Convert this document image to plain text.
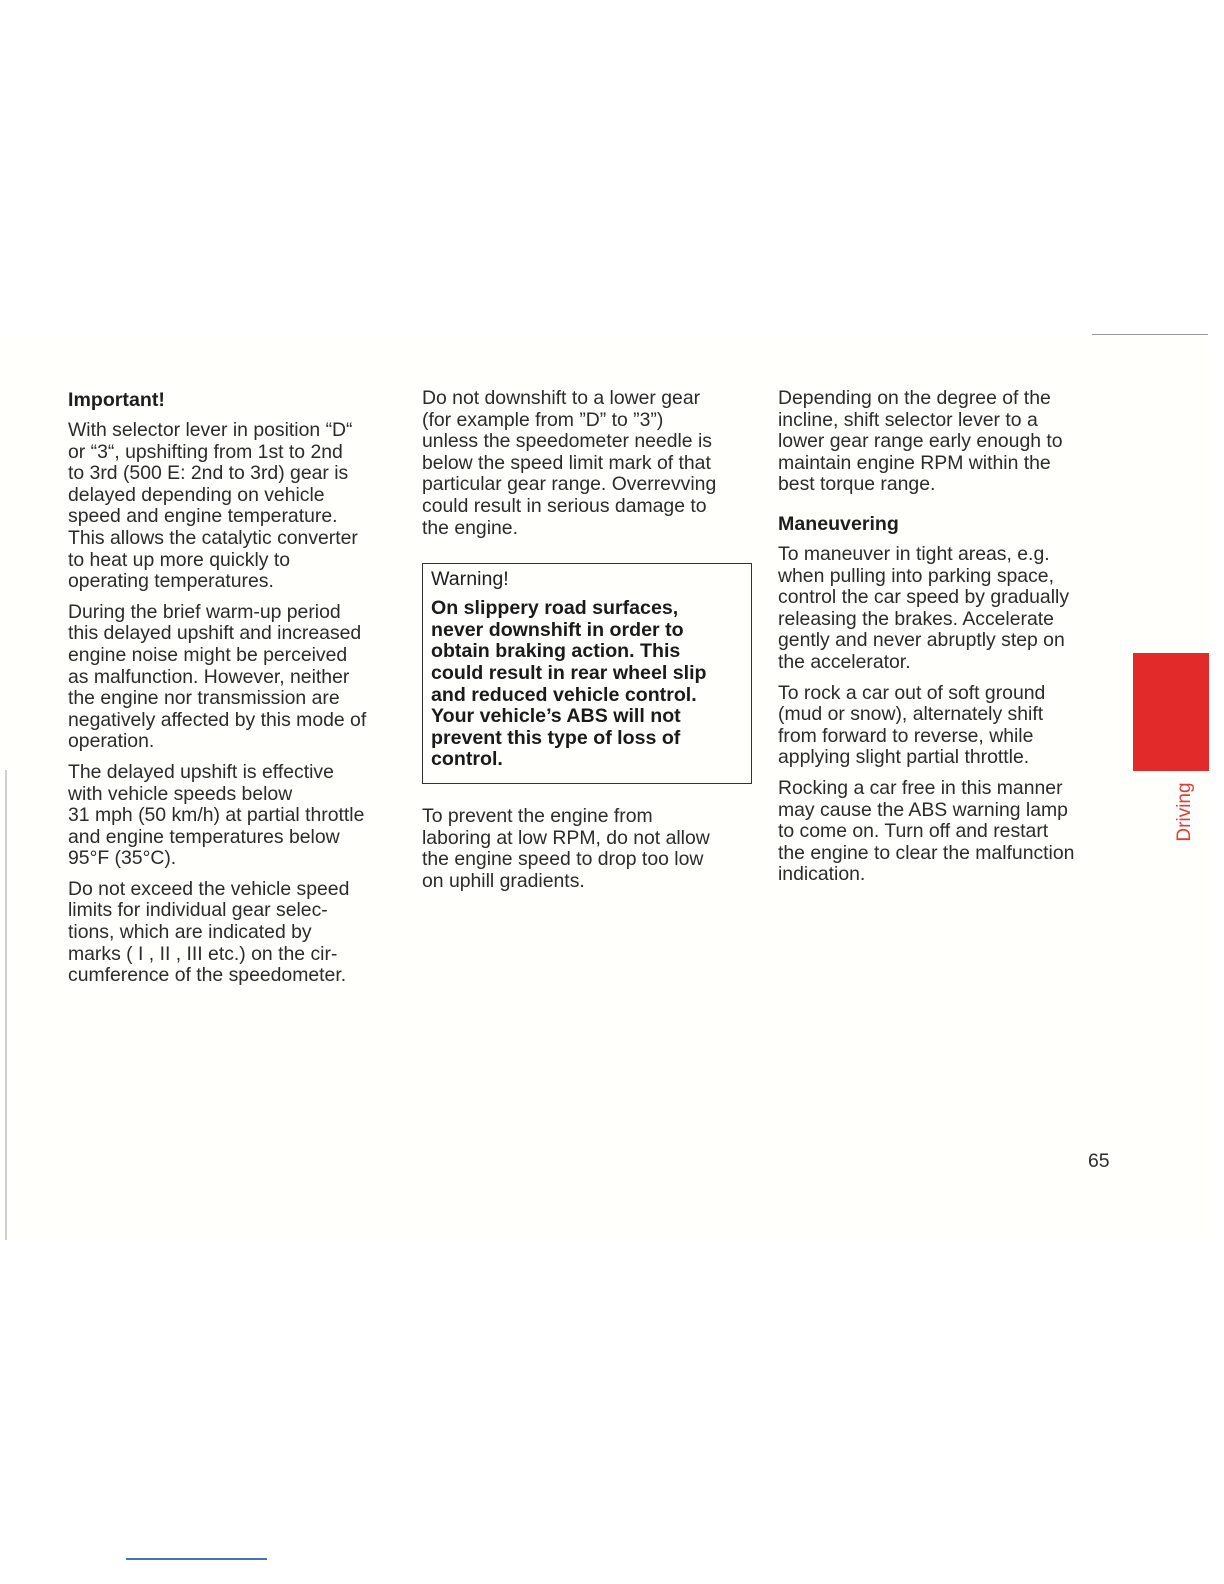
Important!

With selector lever in position “D“
or “3“, upshifting from 1st to 2nd
to 3rd (500 E: 2nd to 3rd) gear is
delayed depending on vehicle
speed and engine temperature.
This allows the catalytic converter
to heat up more quickly to
operating temperatures.

During the brief warm-up period
this delayed upshift and increased
engine noise might be perceived
as malfunction. However, neither
the engine nor transmission are
negatively affected by this mode of
operation.

The delayed upshift is effective
with vehicle speeds below
31 mph (50 km/h) at partial throttle
and engine temperatures below
95°F (35°C).

Do not exceed the vehicle speed
limits for individual gear selec-
tions, which are indicated by
marks ( I , II , III etc.) on the cir-
cumference of the speedometer.

Do not downshift to a lower gear
(for example from ”D” to ”3”)
unless the speedometer needle is
below the speed limit mark of that
particular gear range. Overrevving
could result in serious damage to
the engine.

Warning!

On slippery road surfaces,
never downshift in order to
obtain braking action. This
could result in rear wheel slip
and reduced vehicle control.
Your vehicle’s ABS will not
prevent this type of loss of
control.

To prevent the engine from
laboring at low RPM, do not allow
the engine speed to drop too low
on uphill gradients.

Depending on the degree of the
incline, shift selector lever to a
lower gear range early enough to
maintain engine RPM within the
best torque range.

Maneuvering

To maneuver in tight areas, e.g.
when pulling into parking space,
control the car speed by gradually
releasing the brakes. Accelerate
gently and never abruptly step on
the accelerator.

To rock a car out of soft ground
(mud or snow), alternately shift
from forward to reverse, while
applying slight partial throttle.

Rocking a car free in this manner
may cause the ABS warning lamp
to come on. Turn off and restart
the engine to clear the malfunction
indication.

Driving
65
